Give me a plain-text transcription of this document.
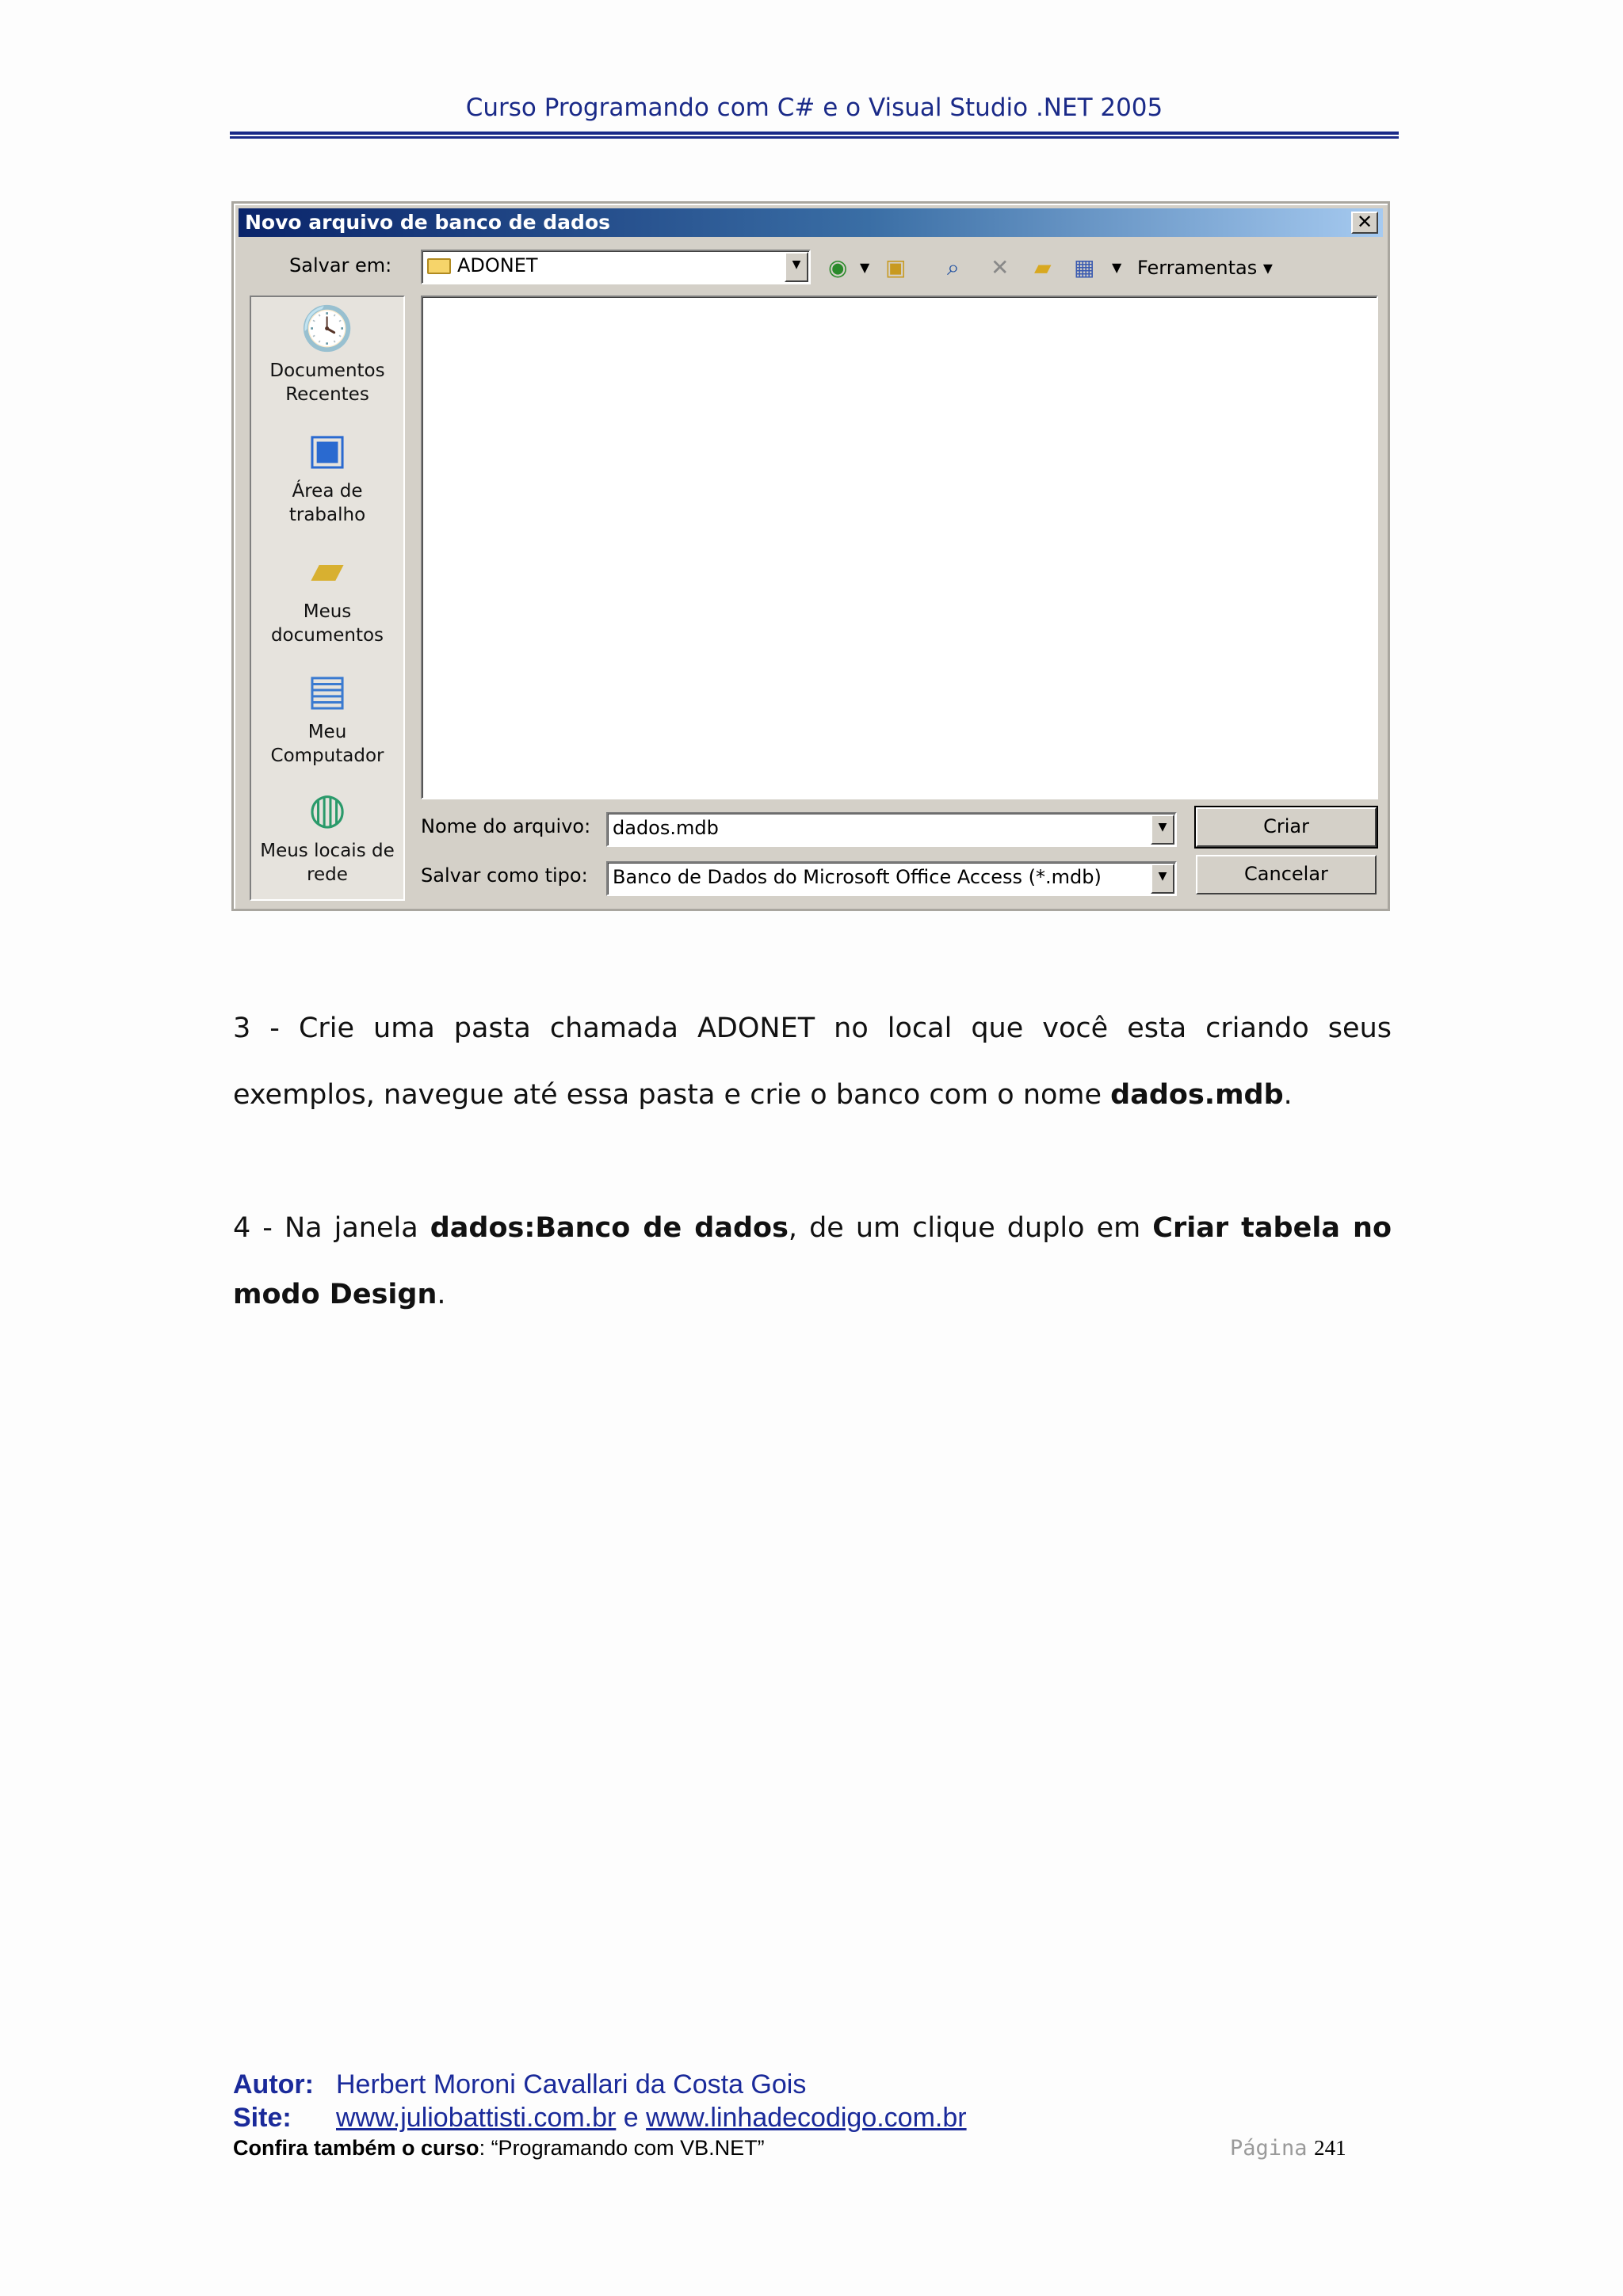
Curso Programando com C# e o Visual Studio .NET 2005
Novo arquivo de banco de dados	✕
Salvar em:	ADONET	▼	◉ ▼ ▣ ⌕ ✕ ▰ ▦ ▼ Ferramentas ▾
🕓
Documentos
Recentes
▣
Área de
trabalho
▰
Meus
documentos
▤
Meu
Computador
◍
Meus locais de
rede
Nome do arquivo: dados.mdb	▼
Salvar como tipo: Banco de Dados do Microsoft Office Access (*.mdb)	▼
Criar
Cancelar
3 - Crie uma pasta chamada ADONET no local que você esta criando seus
exemplos, navegue até essa pasta e crie o banco com o nome dados.mdb.
4 - Na janela dados:Banco de dados, de um clique duplo em Criar tabela no
modo Design.
Autor: Herbert Moroni Cavallari da Costa Gois
Site: www.juliobattisti.com.br e www.linhadecodigo.com.br
Confira também o curso: “Programando com VB.NET”	Página 241
